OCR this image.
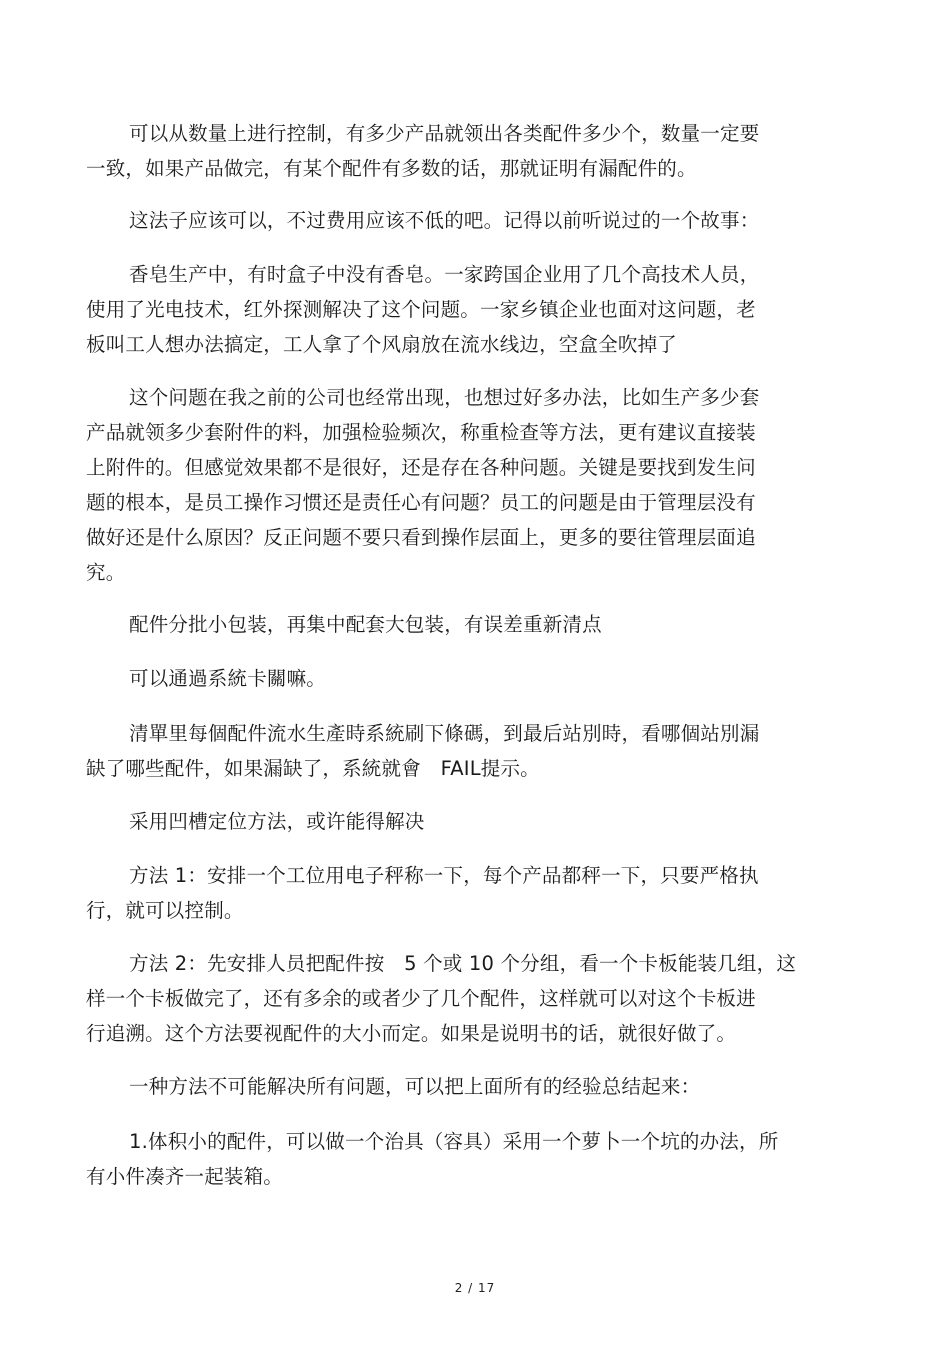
可以从数量上进行控制，有多少产品就领出各类配件多少个，数量一定要
一致，如果产品做完，有某个配件有多数的话，那就证明有漏配件的。

这法子应该可以，不过费用应该不低的吧。记得以前听说过的一个故事：

香皂生产中，有时盒子中没有香皂。一家跨国企业用了几个高技术人员，
使用了光电技术，红外探测解决了这个问题。一家乡镇企业也面对这问题，老
板叫工人想办法搞定，工人拿了个风扇放在流水线边，空盒全吹掉了

这个问题在我之前的公司也经常出现，也想过好多办法，比如生产多少套
产品就领多少套附件的料，加强检验频次，称重检查等方法，更有建议直接装
上附件的。但感觉效果都不是很好，还是存在各种问题。关键是要找到发生问
题的根本，是员工操作习惯还是责任心有问题？员工的问题是由于管理层没有
做好还是什么原因？反正问题不要只看到操作层面上，更多的要往管理层面追
究。

配件分批小包装，再集中配套大包装，有误差重新清点

可以通過系統卡關嘛。

清單里每個配件流水生產時系統刷下條碼，到最后站別時，看哪個站別漏
缺了哪些配件，如果漏缺了，系統就會　FAIL提示。

采用凹槽定位方法，或许能得解决

方法 1：安排一个工位用电子秤称一下，每个产品都秤一下，只要严格执
行，就可以控制。

方法 2：先安排人员把配件按　5 个或 10 个分组，看一个卡板能装几组，这
样一个卡板做完了，还有多余的或者少了几个配件，这样就可以对这个卡板进
行追溯。这个方法要视配件的大小而定。如果是说明书的话，就很好做了。

一种方法不可能解决所有问题，可以把上面所有的经验总结起来：

1.体积小的配件，可以做一个治具（容具）采用一个萝卜一个坑的办法，所
有小件凑齐一起装箱。

2 / 17
